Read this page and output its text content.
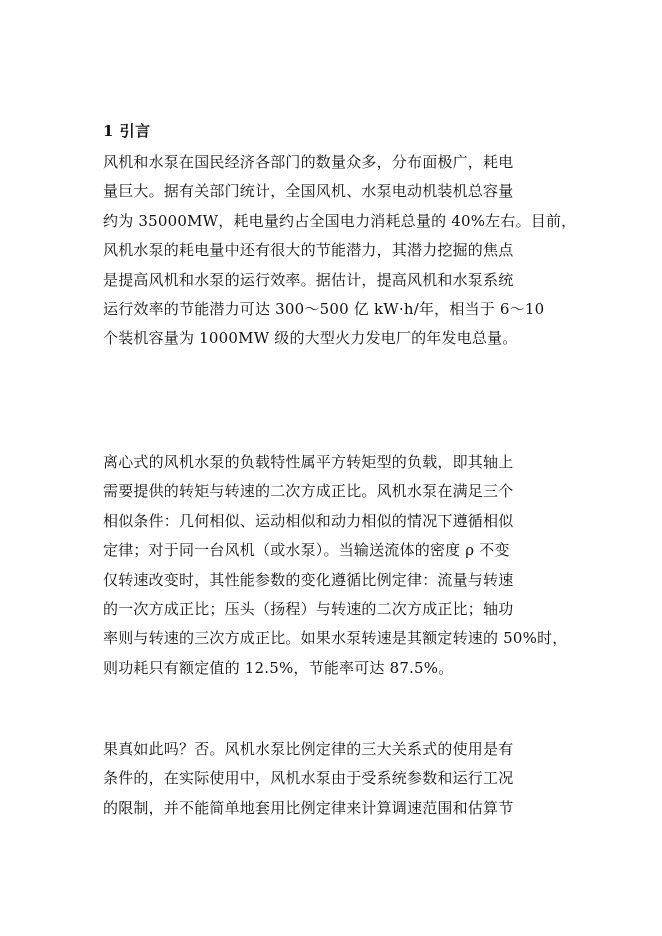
1 引言
风机和水泵在国民经济各部门的数量众多，分布面极广，耗电
量巨大。据有关部门统计，全国风机、水泵电动机装机总容量
约为 35000MW，耗电量约占全国电力消耗总量的 40%左右。目前，
风机水泵的耗电量中还有很大的节能潜力，其潜力挖掘的焦点
是提高风机和水泵的运行效率。据估计，提高风机和水泵系统
运行效率的节能潜力可达 300～500 亿 kW·h/年，相当于 6～10
个装机容量为 1000MW 级的大型火力发电厂的年发电总量。
离心式的风机水泵的负载特性属平方转矩型的负载，即其轴上
需要提供的转矩与转速的二次方成正比。风机水泵在满足三个
相似条件：几何相似、运动相似和动力相似的情况下遵循相似
定律；对于同一台风机（或水泵）。当输送流体的密度 ρ 不变
仅转速改变时，其性能参数的变化遵循比例定律：流量与转速
的一次方成正比；压头（扬程）与转速的二次方成正比；轴功
率则与转速的三次方成正比。如果水泵转速是其额定转速的 50%时，
则功耗只有额定值的 12.5%，节能率可达 87.5%。
果真如此吗？否。风机水泵比例定律的三大关系式的使用是有
条件的，在实际使用中，风机水泵由于受系统参数和运行工况
的限制，并不能简单地套用比例定律来计算调速范围和估算节
